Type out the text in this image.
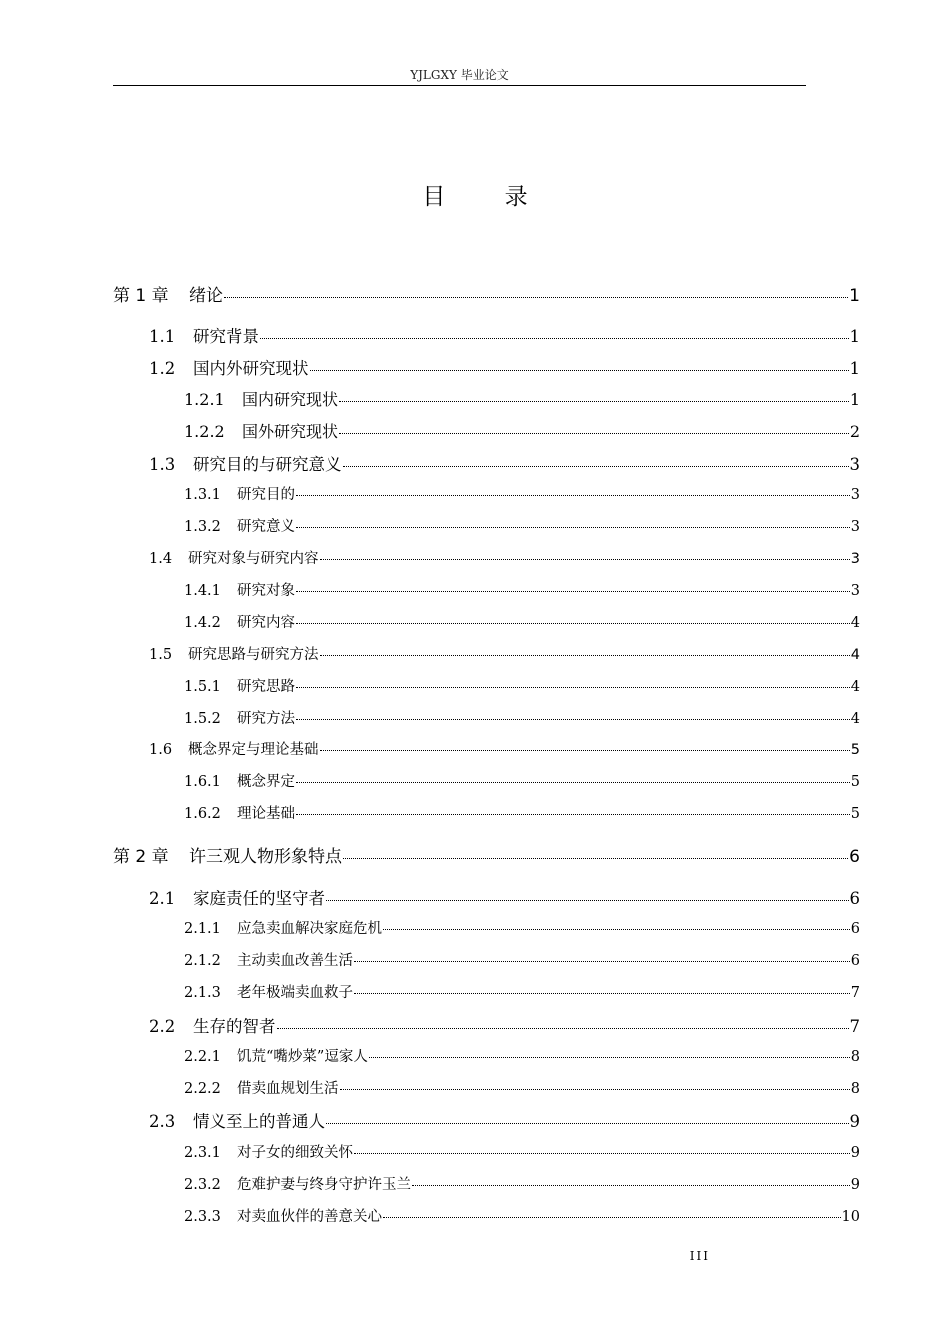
YJLGXY 毕业论文
目 录
第 1 章	绪论	1
1.1	研究背景	1
1.2	国内外研究现状	1
1.2.1	国内研究现状	1
1.2.2	国外研究现状	2
1.3	研究目的与研究意义	3
1.3.1	研究目的	3
1.3.2	研究意义	3
1.4	研究对象与研究内容	3
1.4.1	研究对象	3
1.4.2	研究内容	4
1.5	研究思路与研究方法	4
1.5.1	研究思路	4
1.5.2	研究方法	4
1.6	概念界定与理论基础	5
1.6.1	概念界定	5
1.6.2	理论基础	5
第 2 章	许三观人物形象特点	6
2.1	家庭责任的坚守者	6
2.1.1	应急卖血解决家庭危机	6
2.1.2	主动卖血改善生活	6
2.1.3	老年极端卖血救子	7
2.2	生存的智者	7
2.2.1	饥荒“嘴炒菜”逗家人	8
2.2.2	借卖血规划生活	8
2.3	情义至上的普通人	9
2.3.1	对子女的细致关怀	9
2.3.2	危难护妻与终身守护许玉兰	9
2.3.3	对卖血伙伴的善意关心	10
III
